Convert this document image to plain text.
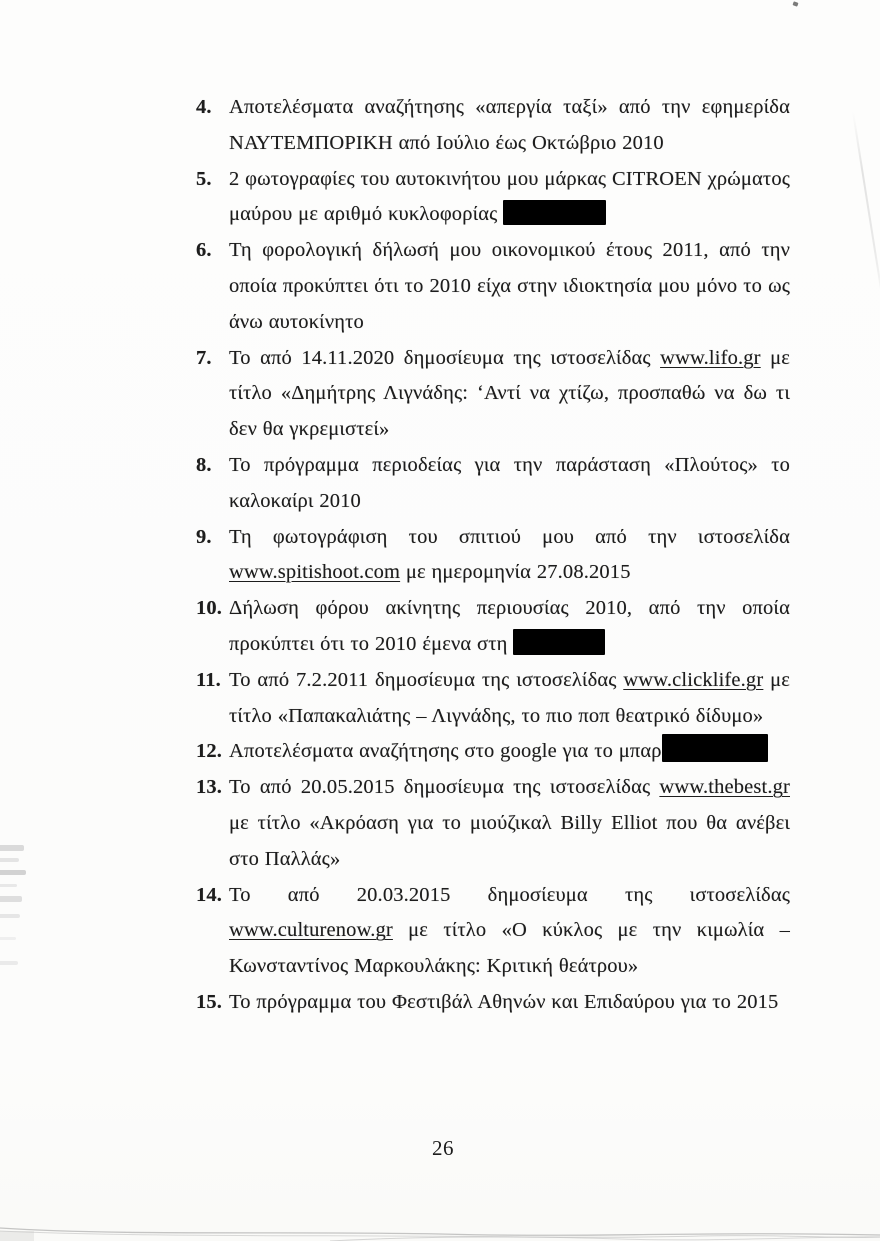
4. Αποτελέσματα αναζήτησης «απεργία ταξί» από την εφημερίδα ΝΑΥΤΕΜΠΟΡΙΚΗ από Ιούλιο έως Οκτώβριο 2010
5. 2 φωτογραφίες του αυτοκινήτου μου μάρκας CITROEN χρώματος μαύρου με αριθμό κυκλοφορίας
6. Τη φορολογική δήλωσή μου οικονομικού έτους 2011, από την οποία προκύπτει ότι το 2010 είχα στην ιδιοκτησία μου μόνο το ως άνω αυτοκίνητο
7. Το από 14.11.2020 δημοσίευμα της ιστοσελίδας www.lifo.gr με τίτλο «Δημήτρης Λιγνάδης: ‘Αντί να χτίζω, προσπαθώ να δω τι δεν θα γκρεμιστεί»
8. Το πρόγραμμα περιοδείας για την παράσταση «Πλούτος» το καλοκαίρι 2010
9. Τη φωτογράφιση του σπιτιού μου από την ιστοσελίδα www.spitishoot.com με ημερομηνία 27.08.2015
10. Δήλωση φόρου ακίνητης περιουσίας 2010, από την οποία προκύπτει ότι το 2010 έμενα στη
11. Το από 7.2.2011 δημοσίευμα της ιστοσελίδας www.clicklife.gr με τίτλο «Παπακαλιάτης – Λιγνάδης, το πιο ποπ θεατρικό δίδυμο»
12. Αποτελέσματα αναζήτησης στο google για το μπαρ
13. Το από 20.05.2015 δημοσίευμα της ιστοσελίδας www.thebest.gr με τίτλο «Ακρόαση για το μιούζικαλ Billy Elliot που θα ανέβει στο Παλλάς»
14. Το από 20.03.2015 δημοσίευμα της ιστοσελίδας www.culturenow.gr με τίτλο «Ο κύκλος με την κιμωλία – Κωνσταντίνος Μαρκουλάκης: Κριτική θεάτρου»
15. Το πρόγραμμα του Φεστιβάλ Αθηνών και Επιδαύρου για το 2015
26
